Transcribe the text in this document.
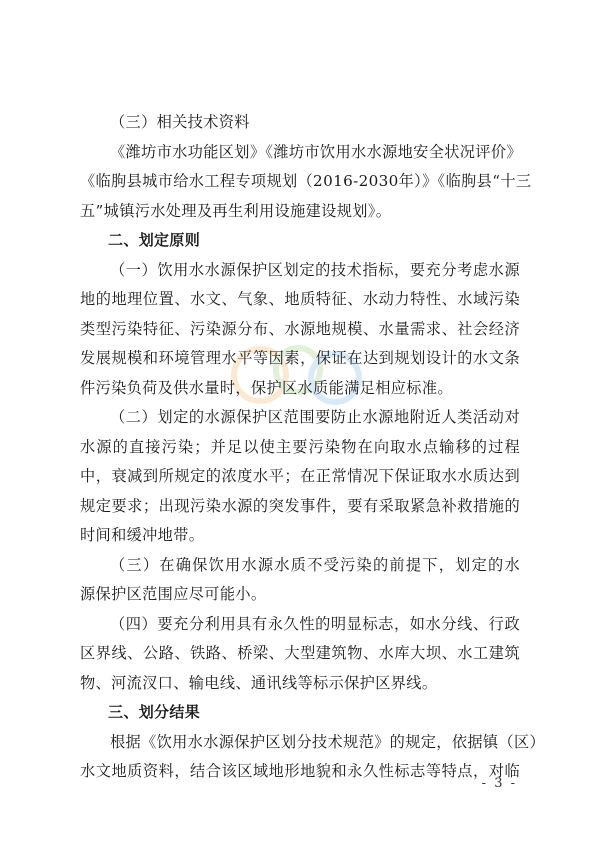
（三）相关技术资料
《潍坊市水功能区划》《潍坊市饮用水水源地安全状况评价》
《临朐县城市给水工程专项规划（2016-2030年）》《临朐县“十三
五”城镇污水处理及再生利用设施建设规划》。
二、划定原则
（一）饮用水水源保护区划定的技术指标，要充分考虑水源
地的地理位置、水文、气象、地质特征、水动力特性、水域污染
类型污染特征、污染源分布、水源地规模、水量需求、社会经济
发展规模和环境管理水平等因素，保证在达到规划设计的水文条
件污染负荷及供水量时，保护区水质能满足相应标准。
（二）划定的水源保护区范围要防止水源地附近人类活动对
水源的直接污染；并足以使主要污染物在向取水点输移的过程
中，衰减到所规定的浓度水平；在正常情况下保证取水水质达到
规定要求；出现污染水源的突发事件，要有采取紧急补救措施的
时间和缓冲地带。
（三）在确保饮用水源水质不受污染的前提下，划定的水
源保护区范围应尽可能小。
（四）要充分利用具有永久性的明显标志，如水分线、行政
区界线、公路、铁路、桥梁、大型建筑物、水库大坝、水工建筑
物、河流汊口、输电线、通讯线等标示保护区界线。
三、划分结果
根据《饮用水水源保护区划分技术规范》的规定，依据镇（区）
水文地质资料，结合该区域地形地貌和永久性标志等特点，对临
- 3 -
